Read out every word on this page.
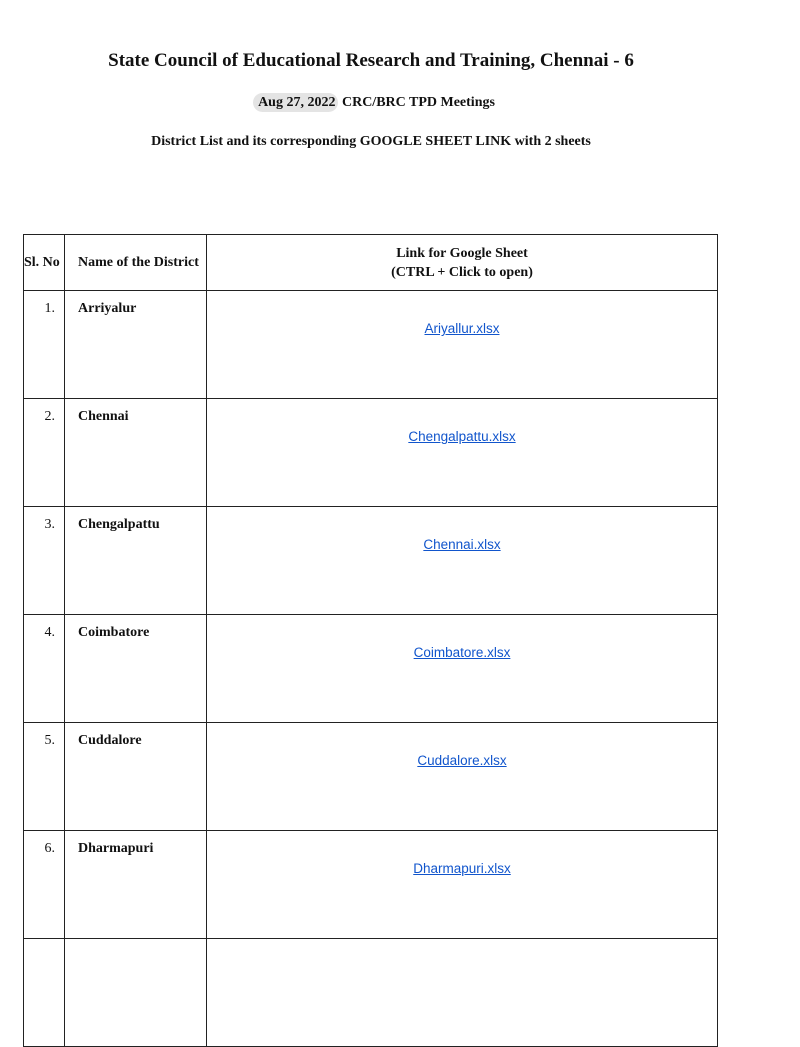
State Council of Educational Research and Training, Chennai - 6
Aug 27, 2022 CRC/BRC TPD Meetings
District List and its corresponding GOOGLE SHEET LINK with 2 sheets
Sl. No	Name of the District	Link for Google Sheet
(CTRL + Click to open)

1.	Arriyalur	Ariyallur.xlsx
2.	Chennai	Chengalpattu.xlsx
3.	Chengalpattu	Chennai.xlsx
4.	Coimbatore	Coimbatore.xlsx
5.	Cuddalore	Cuddalore.xlsx
6.	Dharmapuri	Dharmapuri.xlsx
